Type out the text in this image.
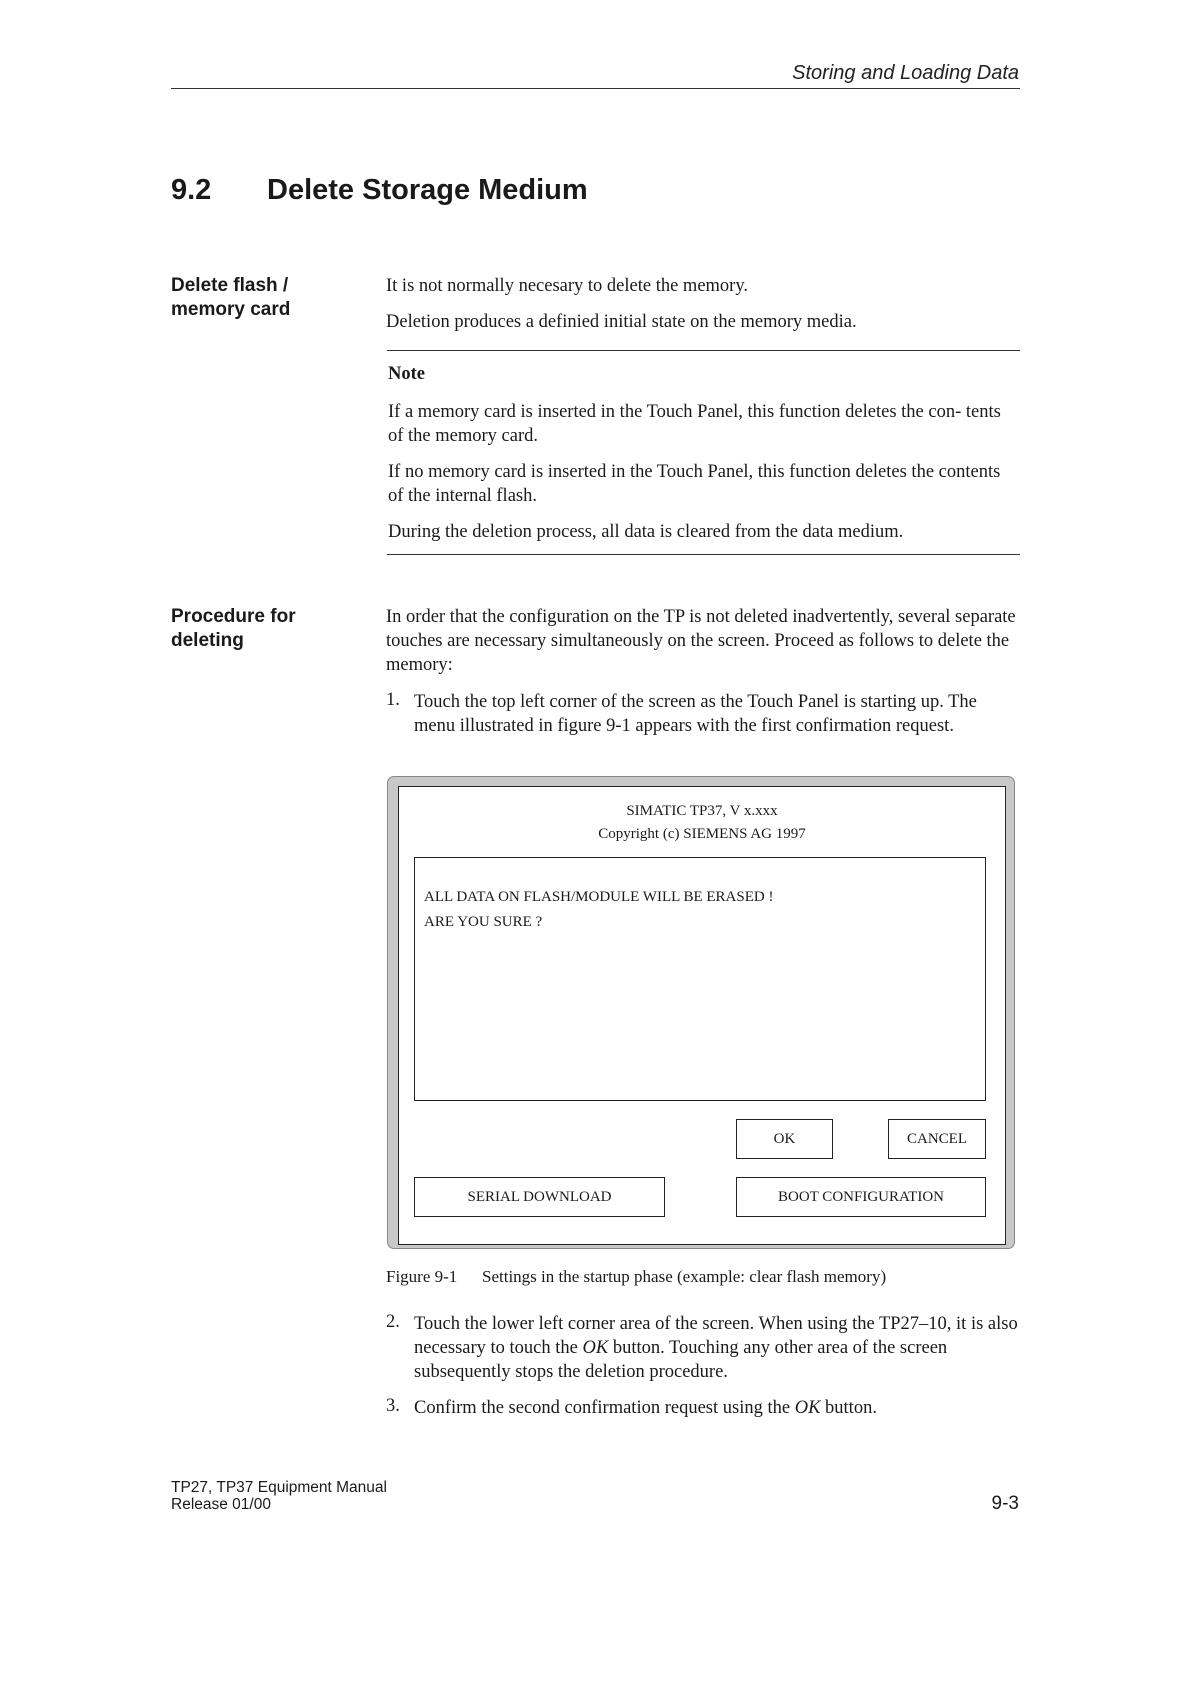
Storing and Loading Data
9.2 Delete Storage Medium
Delete flash /
memory card
It is not normally necesary to delete the memory.
Deletion produces a definied initial state on the memory media.
Note
If a memory card is inserted in the Touch Panel, this function deletes the con- tents of the memory card.
If no memory card is inserted in the Touch Panel, this function deletes the contents of the internal flash.
During the deletion process, all data is cleared from the data medium.
Procedure for
deleting
In order that the configuration on the TP is not deleted inadvertently, several separate touches are necessary simultaneously on the screen. Proceed as follows to delete the memory:
1. Touch the top left corner of the screen as the Touch Panel is starting up. The menu illustrated in figure 9-1 appears with the first confirmation request.
SIMATIC TP37, V x.xxx
Copyright (c) SIEMENS AG 1997
ALL DATA ON FLASH/MODULE WILL BE ERASED !
ARE YOU SURE ?
OK	CANCEL
SERIAL DOWNLOAD	BOOT CONFIGURATION
Figure 9-1 Settings in the startup phase (example: clear flash memory)
2. Touch the lower left corner area of the screen. When using the TP27–10, it is also necessary to touch the OK button. Touching any other area of the screen subsequently stops the deletion procedure.
3. Confirm the second confirmation request using the OK button.
TP27, TP37 Equipment Manual
Release 01/00	9-3
